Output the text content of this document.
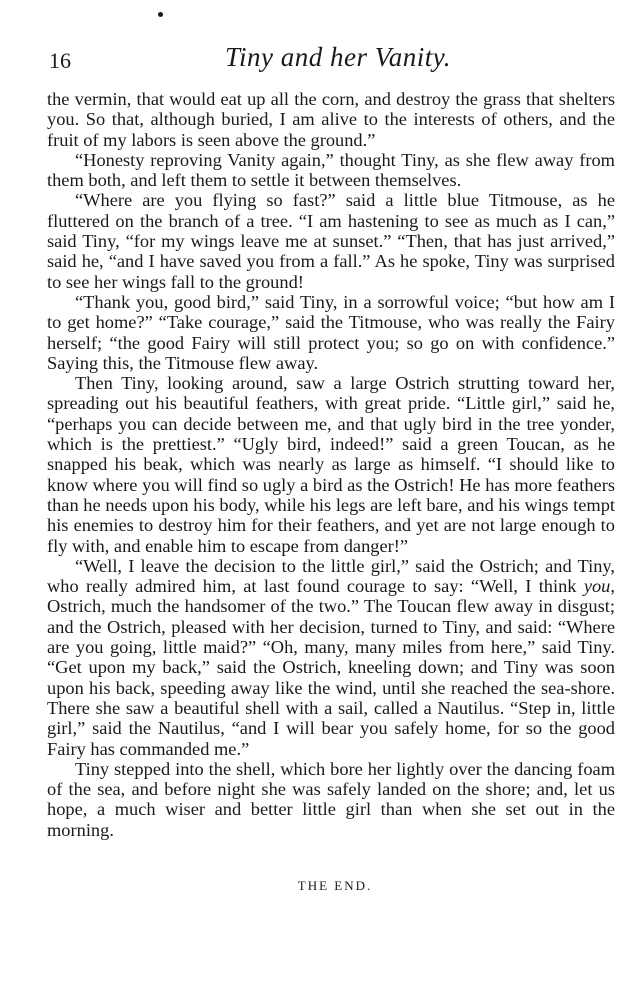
16	Tiny and her Vanity.

the vermin, that would eat up all the corn, and destroy the grass that shelters you. So that, although buried, I am alive to the interests of others, and the fruit of my labors is seen above the ground.”

“Honesty reproving Vanity again,” thought Tiny, as she flew away from them both, and left them to settle it between themselves.

“Where are you flying so fast?” said a little blue Titmouse, as he fluttered on the branch of a tree. “I am hastening to see as much as I can,” said Tiny, “for my wings leave me at sunset.” “Then, that has just arrived,” said he, “and I have saved you from a fall.” As he spoke, Tiny was surprised to see her wings fall to the ground!

“Thank you, good bird,” said Tiny, in a sorrowful voice; “but how am I to get home?” “Take courage,” said the Titmouse, who was really the Fairy herself; “the good Fairy will still protect you; so go on with confidence.” Saying this, the Titmouse flew away.

Then Tiny, looking around, saw a large Ostrich strutting toward her, spreading out his beautiful feathers, with great pride. “Little girl,” said he, “perhaps you can decide between me, and that ugly bird in the tree yonder, which is the prettiest.” “Ugly bird, indeed!” said a green Toucan, as he snapped his beak, which was nearly as large as himself. “I should like to know where you will find so ugly a bird as the Ostrich! He has more feathers than he needs upon his body, while his legs are left bare, and his wings tempt his enemies to destroy him for their feathers, and yet are not large enough to fly with, and enable him to escape from danger!”

“Well, I leave the decision to the little girl,” said the Ostrich; and Tiny, who really admired him, at last found courage to say: “Well, I think you, Ostrich, much the handsomer of the two.” The Toucan flew away in disgust; and the Ostrich, pleased with her decision, turned to Tiny, and said: “Where are you going, little maid?” “Oh, many, many miles from here,” said Tiny. “Get upon my back,” said the Ostrich, kneeling down; and Tiny was soon upon his back, speeding away like the wind, until she reached the sea-shore. There she saw a beautiful shell with a sail, called a Nautilus. “Step in, little girl,” said the Nautilus, “and I will bear you safely home, for so the good Fairy has commanded me.”

Tiny stepped into the shell, which bore her lightly over the dancing foam of the sea, and before night she was safely landed on the shore; and, let us hope, a much wiser and better little girl than when she set out in the morning.

THE END.
